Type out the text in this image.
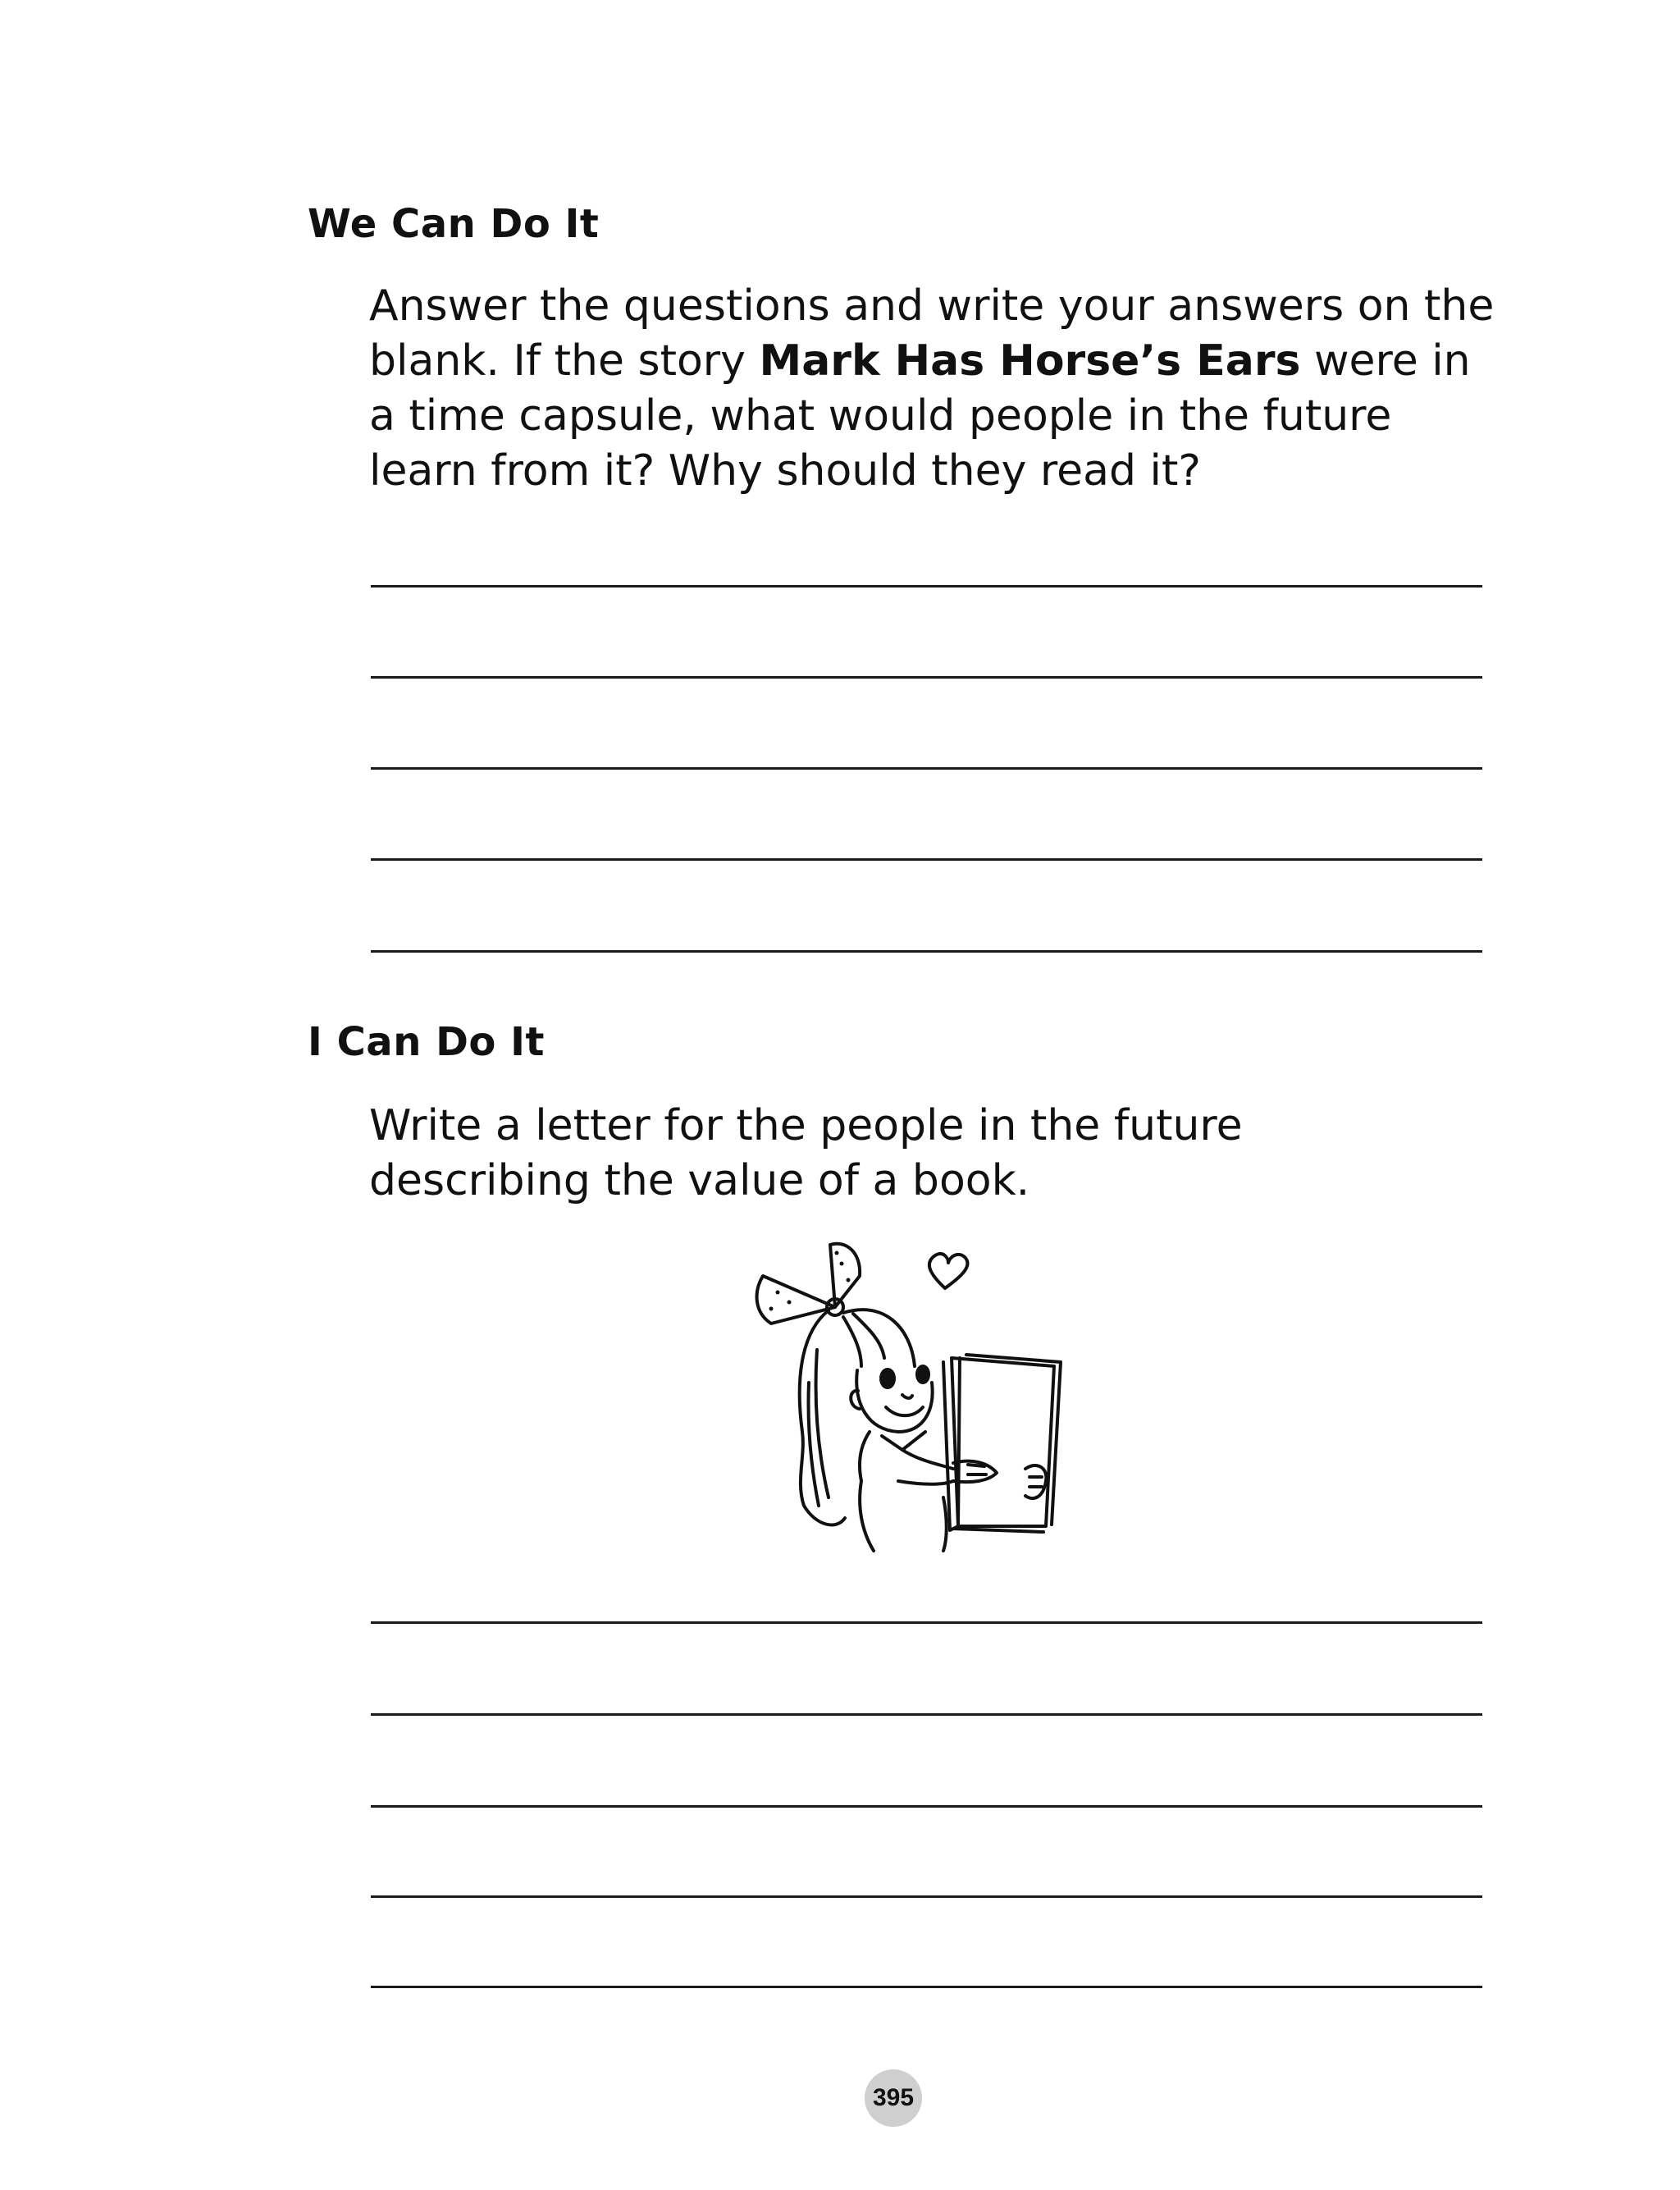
We Can Do It

Answer the questions and write your answers on the blank. If the story Mark Has Horse’s Ears were in a time capsule, what would people in the future learn from it? Why should they read it?

I Can Do It

Write a letter for the people in the future describing the value of a book.

395
